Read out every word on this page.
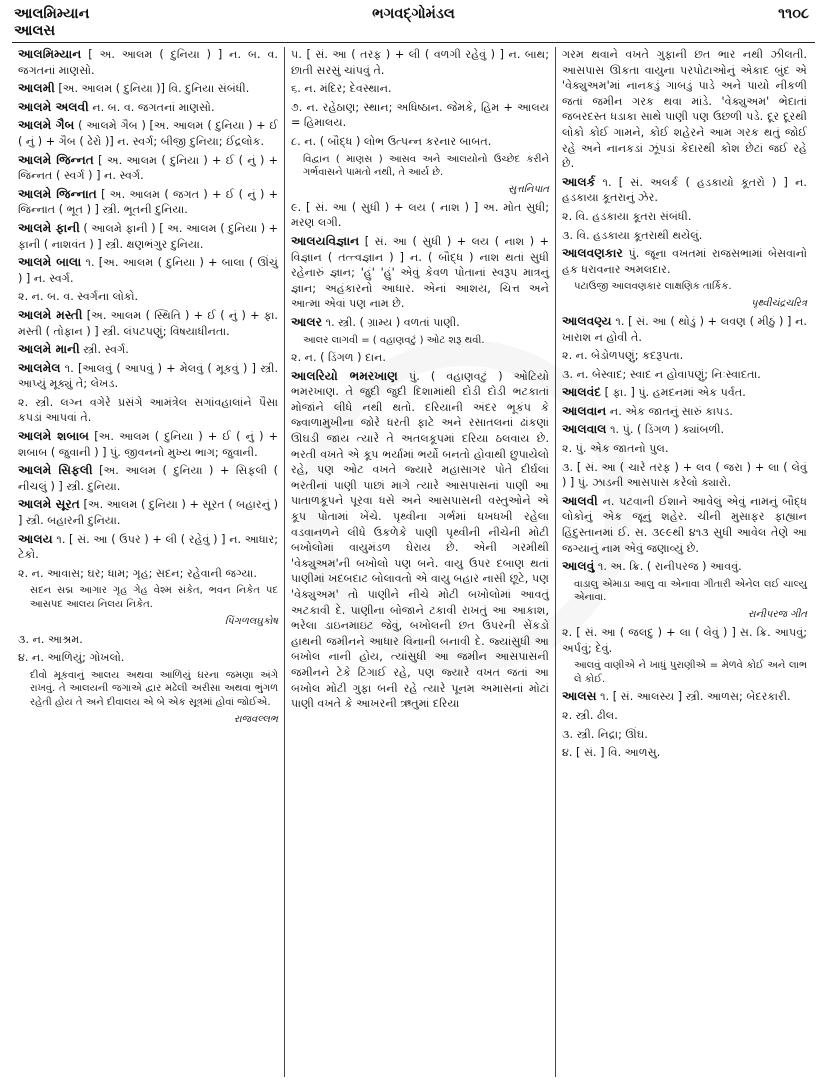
આલમિમ્યાન
આલસ
ભગવદ્ગોમંડલ	૧૧૦૮

આલમિમ્યાન [ અ. આલમ ( દુનિયા ) ] ન. બ. વ. જગતનાં માણસો.

આલમી [અ. આલમ ( દુનિયા )] વિ. દુનિયા સંબંધી.

આલમે અલવી ન. બ. વ. જગતનાં માણસો.

આલમે ગૈબ ( આલમે ગૈબ ) [અ. આલમ ( દુનિયા ) + ઈ ( નું ) + ગૈબ ( ઢેરો )] ન. સ્વર્ગ; બીજી દુનિયા; ઈંદ્રલોક.

આલમે જિન્નત [ અ. આલમ ( દુનિયા ) + ઈ ( નું ) + જિન્નત ( સ્વર્ગ ) ] ન. સ્વર્ગ.

આલમે જિન્નાત [ અ. આલમ ( જગત ) + ઈ ( નું ) + જિન્નાત ( ભૂત ) ] સ્ત્રી. ભૂતની દુનિયા.

આલમે ફાની ( આલમે ફાની ) [ અ. આલમ ( દુનિયા ) + ફાની ( નાશવંત ) ] સ્ત્રી. ક્ષણભંગુર દુનિયા.

આલમે બાલા ૧. [અ. આલમ ( દુનિયા ) + બાલા ( ઊંચું ) ] ન. સ્વર્ગ.

૨. ન. બ. વ. સ્વર્ગના લોકો.

આલમે મસ્તી [અ. આલમ ( સ્થિતિ ) + ઈ ( નું ) + ફા. મસ્તી ( તોફાન ) ] સ્ત્રી. લંપટપણું; વિષયાધીનતા.

આલમે માની સ્ત્રી. સ્વર્ગ.

આલમેલ ૧. [આલવું ( આપવું ) + મેલવું ( મૂકવું ) ] સ્ત્રી. આપ્યું મૂક્યું તે; લેખડ.

૨. સ્ત્રી. લગ્ન વગેરે પ્રસંગે આમંત્રેલ સગાંવહાલાંને પૈસા કપડાં આપવાં તે.

આલમે શબાબ [અ. આલમ ( દુનિયા ) + ઈ ( નું ) + શબાબ ( જુવાની ) ] પું. જીવનનો મુખ્ય ભાગ; જુવાની.

આલમે સિફલી [અ. આલમ ( દુનિયા ) + સિફલી ( નીચલું ) ] સ્ત્રી. દુનિયા.

આલમે સૂરત [અ. આલમ ( દુનિયા ) + સૂરત ( બહારનું ) ] સ્ત્રી. બહારની દુનિયા.

આલય ૧. [ સં. આ ( ઉપર ) + લી ( રહેવું ) ] ન. આધાર; ટેકો.

૨. ન. આવાસ; ઘર; ધામ; ગૃહ; સદન; રહેવાની જગ્યા.

સદન સદ્મ આગાર ગૃહ ગેહ વેશ્મ સંકેત, ભવન નિકેત પદ આસપદ આલય નિલય નિકેત.

પિંગળલઘુકોષ

૩. ન. આશ્રમ.

૪. ન. આળિયું; ગોખલો.

દીવો મૂકવાનું આલય અથવા આળિયું ઘરના જમણા અંગે રાખવું. તે આલયની જગાએ દ્વાર મઢેલી અરીસા અથવા ભુંગળ રહેતી હોય તે અને દીવાલય એ બે એક સૂત્રમાં હોવાં જોઈએ.

રાજવલ્લભ

૫. [ સં. આ ( તરફ ) + લી ( વળગી રહેવું ) ] ન. બાથ; છાતી સરસું ચાંપવું તે.

૬. ન. મંદિર; દેવસ્થાન.

૭. ન. રહેઠાણ; સ્થાન; અધિષ્ઠાન. જેમકે, હિમ + આલય = હિમાલય.

૮. ન. ( બૌદ્ધ ) લોભ ઉત્પન્ન કરનાર બાબત.

વિદ્વાન ( માણસ ) આસવ અને આલયોનો ઉચ્છેદ કરીને ગર્ભવાસને પામતો નથી, તે આર્ય છે.

સુત્તનિપાત

૯. [ સં. આ ( સુધી ) + લય ( નાશ ) ] અ. મોત સુધી; મરણ લગી.

આલયવિજ્ઞાન [ સં. આ ( સુધી ) + લય ( નાશ ) + વિજ્ઞાન ( તત્ત્વજ્ઞાન ) ] ન. ( બૌદ્ધ ) નાશ થતાં સુધી રહેનારું જ્ઞાન; 'હું' 'હું' એવું કેવળ પોતાનાં સ્વરૂપ માત્રનું જ્ઞાન; અહંકારનો આધાર. એનાં આશય, ચિત્ત અને આત્મા એવાં પણ નામ છે.

આલર ૧. સ્ત્રી. ( ગ્રામ્ય ) વળતાં પાણી.

આલર લાગવી = ( વહાણવટું ) ઓટ શરૂ થવી.

૨. ન. ( ડિંગળ ) દાન.

આલરિયો ભમરખાણ પું. ( વહાણવટું ) ઓટિયો ભમરખાણ. તે જુદી જુદી દિશામાંથી દોડી દોડી ભટકાતાં મોજાંને લીધે નથી થતો. દરિયાની અંદર ભૂકંપ કે જ્વાળામુખીના જોરે ધરતી ફાટે અને રસાતલનાં ઢાંકણાં ઊઘડી જાય ત્યારે તે અતલકૂપમાં દરિયા ઠલવાય છે. ભરતી વખતે એ કૂપ ભર્યામાં ભર્યો બનતો હોવાથી છુપાયેલો રહે, પણ ઓટ વખતે જ્યારે મહાસાગર પોતે દીર્ઘલાં ભરતીનાં પાણી પાછાં માગે ત્યારે આસપાસનાં પાણી આ પાતાળકૂપને પૂરવા ધસે અને આસપાસની વસ્તુઓને એ કૂપ પોતામાં ખેંચે. પૃથ્વીના ગર્ભમાં ધખધખી રહેલા વડવાનળને લીધે ઉકળેકે પાણી પૃથ્વીની નીચેની મોટી બખોલોમાં વાયુમંડળ ઘેરાય છે. એની ગરમીથી 'વેક્યુઅમ'ની બખોલો પણ બને. વાયુ ઉપર દબાણ થતાં પાણીમાં ખદબદાટ બોલાવતો એ વાયુ બહાર નાસી છૂટે, પણ 'વેક્યુઅમ' તો પાણીને નીચે મોટી બખોલોમાં આવતું અટકાવી દે. પાણીના બોજાને ટકાવી રાખતું આ આકાશ, ભરેલા ડાઇનમાઇટ જેવું, બખોલની છત ઉપરની સેંકડો હાથની જમીનને આધાર વિનાની બનાવી દે. જ્યાંસુધી આ બખોલ નાની હોય, ત્યાંસુધી આ જમીન આસપાસની જમીનને ટેકે ટિંગાઈ રહે, પણ જ્યારે વખત જતાં આ બખોલ મોટી ગુફા બની રહે ત્યારે પૂનમ અમાસનાં મોટાં પાણી વખતે કે આખરની ઋતુમાં દરિયા

ગરમ થવાને વખતે ગુફાની છત ભાર નથી ઝીલતી. આસપાસ ઊકતા વાયુના પરપોટાઓનું એકાદ બુંદ એ 'વેક્યુઅમ'માં નાનકડું ગાબડું પાડે અને પાયો નીકળી જતાં જમીન ગરક થવા માંડે. 'વેક્યુઅમ' ભેદાતાં જબરદસ્ત ધડાકા સાથે પાણી પણ ઉછળી પડે. દૂર દૂરથી લોકો કોઈ ગામને, કોઈ શહેરને આમ ગરક થતું જોઈ રહે અને નાનકડાં ઝૂંપડાં કેદારથી કોશ છેટાં જઈ રહે છે.

આલર્ક ૧. [ સં. અલર્ક ( હડકાયો કૂતરો ) ] ન. હડકાયા કૂતરાનું ઝેર.

૨. વિ. હડકાયા કૂતરા સંબંધી.

૩. વિ. હડકાયા કૂતરાથી થયેલું.

આલવણકાર પું. જૂના વખતમાં રાજસભામાં બેસવાનો હક ધરાવનાર અમલદાર.

પટાઉજી આલવણકાર લાક્ષણિક તાર્કિક.

પૃથ્વીચંદ્રચરિત્ર

આલવણ્ય ૧. [ સં. આ ( થોડું ) + લવણ ( મીઠું ) ] ન. ખારાશ ન હોવી તે.

૨. ન. બેડોળપણું; કદરૂપતા.

૩. ન. બેસ્વાદ; સ્વાદ ન હોવાપણું; નિઃસ્વાદતા.

આલવંદ [ ફા. ] પું. હમદનમાં એક પર્વત.

આલવાન ન. એક જાતનું સારું કાપડ.

આલવાલ ૧. પું. ( ડિંગળ ) ક્યાંબળી.

૨. પું. એક જાતનો પુલ.

૩. [ સં. આ ( ચારે તરફ ) + લવ ( જરા ) + લા ( લેવું ) ] પું. ઝાડની આસપાસ કરેલો ક્યારો.

આલવી ન. પટવાની ઈશાને આવેલું એવું નામનું બૌદ્ધ લોકોનું એક જૂનું શહેર. ચીની મુસાફર ફાહ્યાન હિંદુસ્તાનમાં ઈ. સ. ૩૯૯થી ૪૧૩ સુધી આવેલ તેણે આ જગ્યાનું નામ એવું જણાવ્યું છે.

આલવું ૧. અ. ક્રિ. ( રાનીપરજ ) આવવું.

વાડાલુ એમાડા આલુ વા એનાવા ગીતારી એનેલ લઈ ચાલ્યુ એનાવા.

રાનીપરજ ગીત

૨. [ સં. આ ( જલદુ ) + લા ( લેવું ) ] સ. ક્રિ. આપવું; અર્પવું; દેવું.

આલવું વાણીએ ને ખાધું પુરાણીએ = મેળવે કોઈ અને લાભ લે કોઈ.

આલસ ૧. [ સં. આલસ્ય ] સ્ત્રી. આળસ; બેદરકારી.

૨. સ્ત્રી. ઢીલ.

૩. સ્ત્રી. નિદ્રા; ઊંઘ.

૪. [ સં. ] વિ. આળસુ.
